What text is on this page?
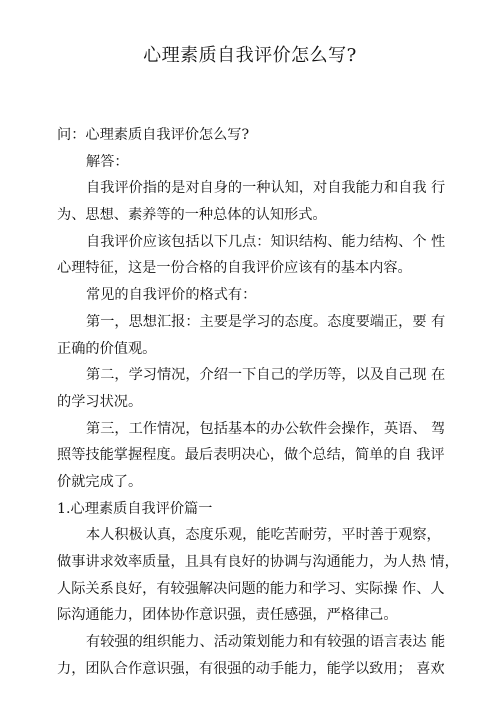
心理素质自我评价怎么写?
问：心理素质自我评价怎么写?
解答：
自我评价指的是对自身的一种认知，对自我能力和自我 行
为、思想、素养等的一种总体的认知形式。
自我评价应该包括以下几点：知识结构、能力结构、个 性
心理特征，这是一份合格的自我评价应该有的基本内容。
常见的自我评价的格式有：
第一，思想汇报：主要是学习的态度。态度要端正，要 有
正确的价值观。
第二，学习情况，介绍一下自己的学历等，以及自己现 在
的学习状况。
第三，工作情况，包括基本的办公软件会操作，英语、 驾
照等技能掌握程度。最后表明决心，做个总结，简单的自 我评
价就完成了。
1.心理素质自我评价篇一
本人积极认真，态度乐观，能吃苦耐劳，平时善于观察，
做事讲求效率质量，且具有良好的协调与沟通能力，为人热 情，
人际关系良好，有较强解决问题的能力和学习、实际操 作、人
际沟通能力，团体协作意识强，责任感强，严格律己。
有较强的组织能力、活动策划能力和有较强的语言表达 能
力，团队合作意识强，有很强的动手能力，能学以致用； 喜欢
